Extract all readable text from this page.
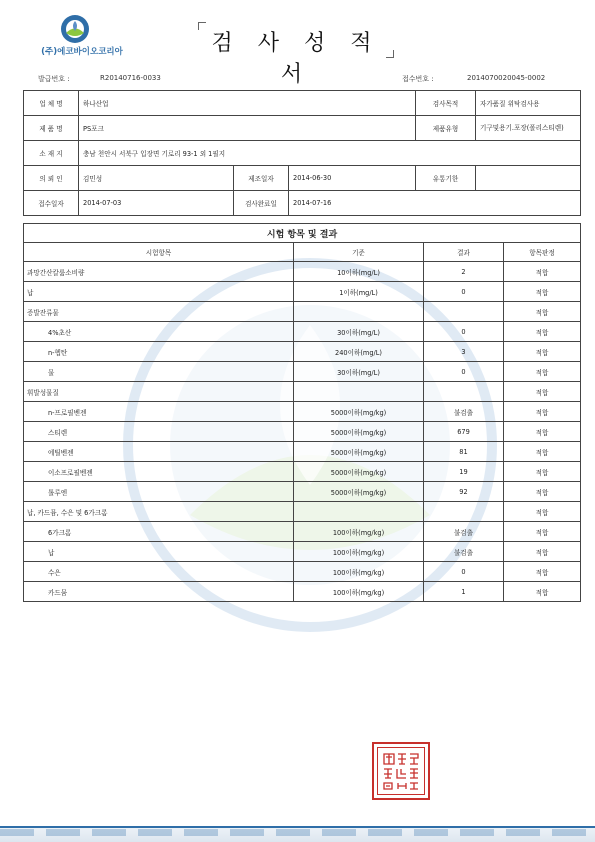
(주)에코바이오코리아	검 사 성 적 서
발급번호 :	R20140716-0033	접수번호 :	2014070020045-0002
업 체 명	하나산업			검사목적	자가품질 위탁검사용
제 품 명	PS포크			제품유형	기구및용기.포장(폴리스티렌)
소 재 지	충남 천안시 서북구 입장면 기로리 93-1 외 1필지				
의 뢰 인	김민성	제조일자	2014-06-30	유통기한	
접수일자	2014-07-03	검사완료일	2014-07-16		
시험 항목 및 결과			
시험항목	기준	결과	항목판정
과망간산칼륨소비량	10이하(mg/L)	2	적합
납	1이하(mg/L)	0	적합
증발잔류물			적합
4%초산	30이하(mg/L)	0	적합
n-헵탄	240이하(mg/L)	3	적합
물	30이하(mg/L)	0	적합
휘발성물질			적합
n-프로필벤젠	5000이하(mg/kg)	불검출	적합
스티렌	5000이하(mg/kg)	679	적합
에틸벤젠	5000이하(mg/kg)	81	적합
이소프로필벤젠	5000이하(mg/kg)	19	적합
톨루엔	5000이하(mg/kg)	92	적합
납, 카드뮴, 수은 및 6가크롬			적합
6가크롬	100이하(mg/kg)	불검출	적합
납	100이하(mg/kg)	불검출	적합
수은	100이하(mg/kg)	0	적합
카드뮴	100이하(mg/kg)	1	적합
